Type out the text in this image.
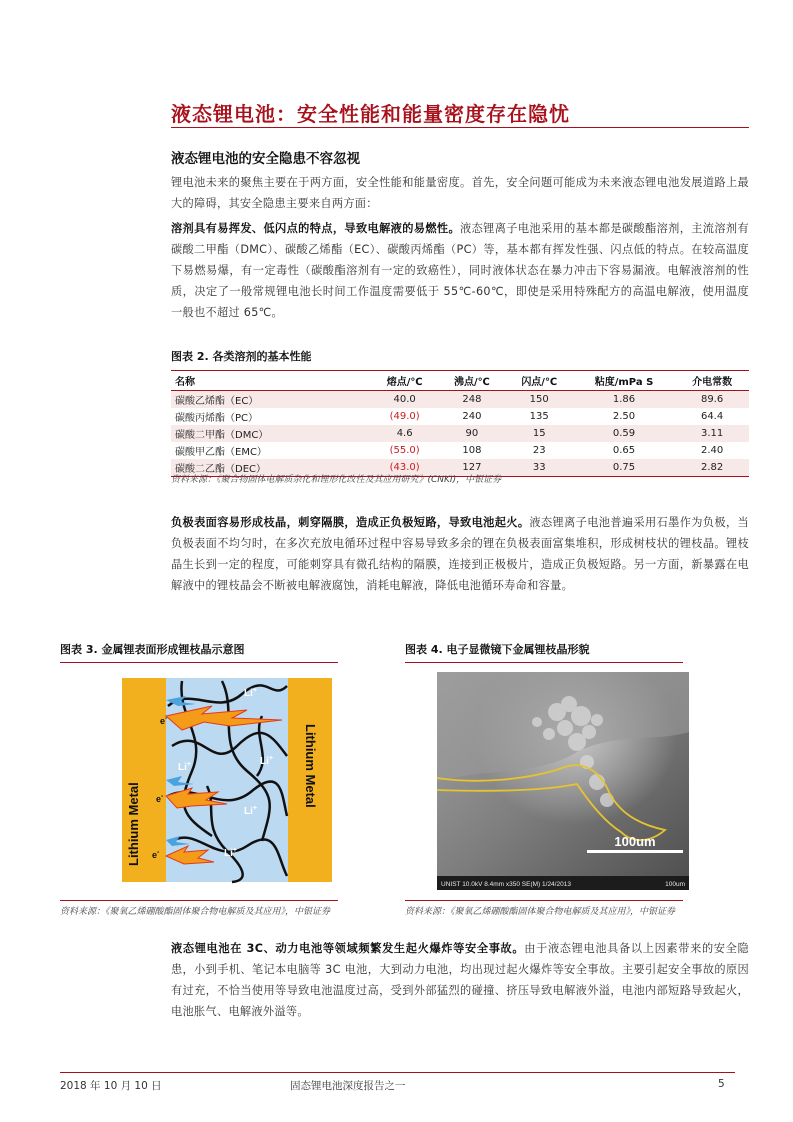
液态锂电池：安全性能和能量密度存在隐忧
液态锂电池的安全隐患不容忽视

锂电池未来的聚焦主要在于两方面，安全性能和能量密度。首先，安全问题可能成为未来液态锂电池发展道路上最大的障碍，其安全隐患主要来自两方面：

溶剂具有易挥发、低闪点的特点，导致电解液的易燃性。液态锂离子电池采用的基本都是碳酸酯溶剂，主流溶剂有碳酸二甲酯（DMC）、碳酸乙烯酯（EC）、碳酸丙烯酯（PC）等，基本都有挥发性强、闪点低的特点。在较高温度下易燃易爆，有一定毒性（碳酸酯溶剂有一定的致癌性），同时液体状态在暴力冲击下容易漏液。电解液溶剂的性质，决定了一般常规锂电池长时间工作温度需要低于 55℃-60℃，即使是采用特殊配方的高温电解液，使用温度一般也不超过 65℃。

图表 2. 各类溶剂的基本性能
名称	熔点/℃	沸点/℃	闪点/℃	粘度/mPa S	介电常数
碳酸乙烯酯（EC）	40.0	248	150	1.86	89.6
碳酸丙烯酯（PC）	(49.0)	240	135	2.50	64.4
碳酸二甲酯（DMC）	4.6	90	15	0.59	3.11
碳酸甲乙酯（EMC）	(55.0)	108	23	0.65	2.40
碳酸二乙酯（DEC）	(43.0)	127	33	0.75	2.82
资料来源：《聚合物固体电解质杂化和锂形化改性及其应用研究》(CNKI)，中银证券

负极表面容易形成枝晶，刺穿隔膜，造成正负极短路，导致电池起火。液态锂离子电池普遍采用石墨作为负极，当负极表面不均匀时，在多次充放电循环过程中容易导致多余的锂在负极表面富集堆积，形成树枝状的锂枝晶。锂枝晶生长到一定的程度，可能刺穿具有微孔结构的隔膜，连接到正极极片，造成正负极短路。另一方面，新暴露在电解液中的锂枝晶会不断被电解液腐蚀，消耗电解液，降低电池循环寿命和容量。

图表 3. 金属锂表面形成锂枝晶示意图
Li+
Li+	Li+
Li+
Li+
e-
e-
e-
Lithium Metal
Lithium Metal
资料来源：《聚氧乙烯硼酸酯固体聚合物电解质及其应用》，中银证券
图表 4. 电子显微镜下金属锂枝晶形貌
100um
UNIST 10.0kV 8.4mm x350 SE(M) 1/24/2013	100um
资料来源：《聚氧乙烯硼酸酯固体聚合物电解质及其应用》，中银证券

液态锂电池在 3C、动力电池等领域频繁发生起火爆炸等安全事故。由于液态锂电池具备以上因素带来的安全隐患，小到手机、笔记本电脑等 3C 电池，大到动力电池，均出现过起火爆炸等安全事故。主要引起安全事故的原因有过充，不恰当使用等导致电池温度过高，受到外部猛烈的碰撞、挤压导致电解液外溢，电池内部短路导致起火，电池胀气、电解液外溢等。

2018 年 10 月 10 日	固态锂电池深度报告之一	5
